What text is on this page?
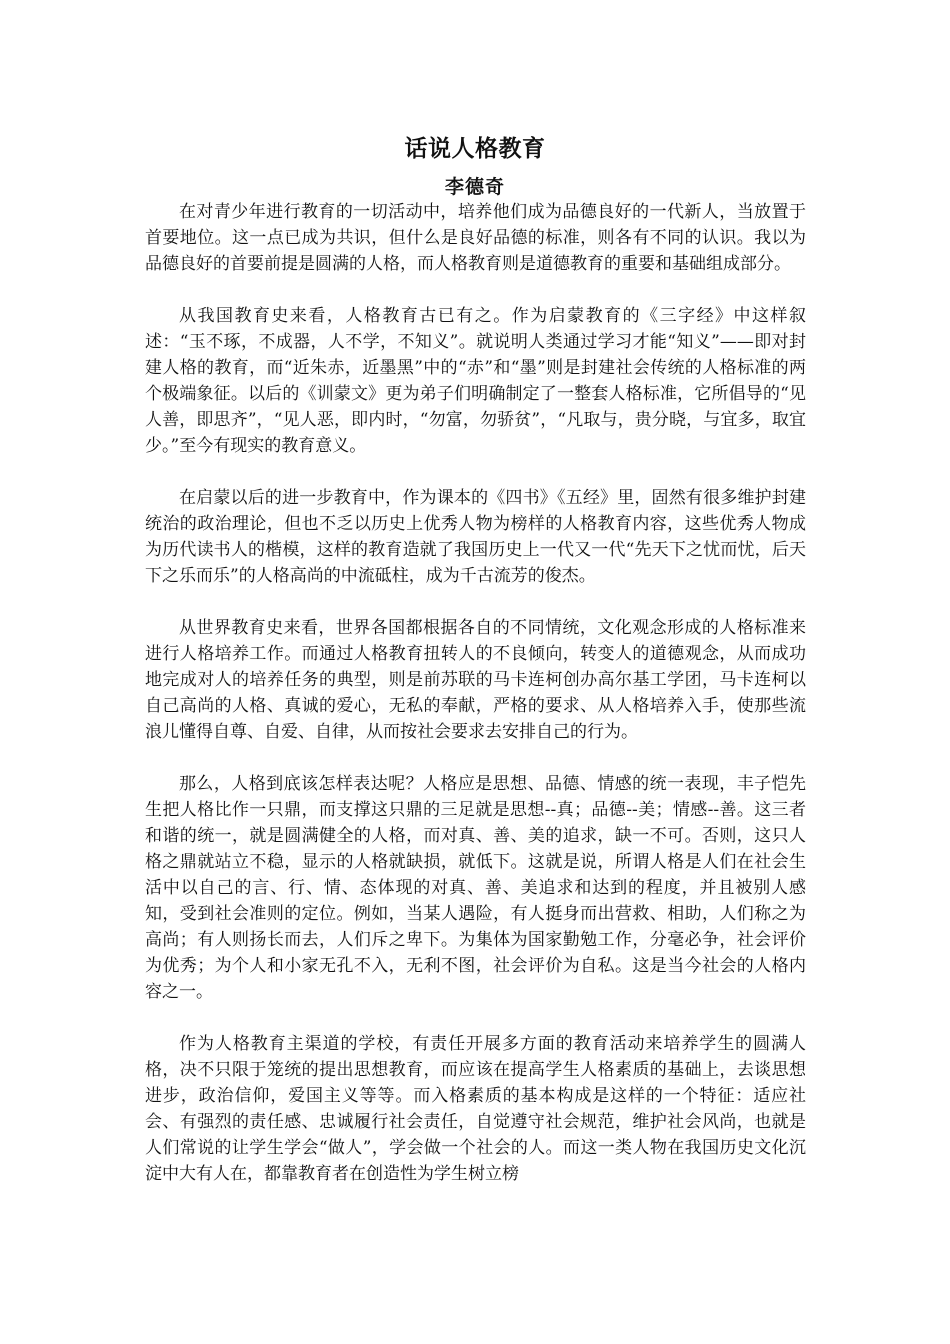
话说人格教育
李德奇

在对青少年进行教育的一切活动中，培养他们成为品德良好的一代新人，当放置于首要地位。这一点已成为共识，但什么是良好品德的标准，则各有不同的认识。我以为品德良好的首要前提是圆满的人格，而人格教育则是道德教育的重要和基础组成部分。

从我国教育史来看，人格教育古已有之。作为启蒙教育的《三字经》中这样叙述：“玉不琢，不成器，人不学，不知义”。就说明人类通过学习才能“知义”——即对封建人格的教育，而“近朱赤，近墨黑”中的“赤”和“墨”则是封建社会传统的人格标准的两个极端象征。以后的《训蒙文》更为弟子们明确制定了一整套人格标准，它所倡导的“见人善，即思齐”，“见人恶，即内时，“勿富，勿骄贫”，“凡取与，贵分晓，与宜多，取宜少。”至今有现实的教育意义。

在启蒙以后的进一步教育中，作为课本的《四书》《五经》里，固然有很多维护封建统治的政治理论，但也不乏以历史上优秀人物为榜样的人格教育内容，这些优秀人物成为历代读书人的楷模，这样的教育造就了我国历史上一代又一代“先天下之忧而忧，后天下之乐而乐”的人格高尚的中流砥柱，成为千古流芳的俊杰。

从世界教育史来看，世界各国都根据各自的不同情统，文化观念形成的人格标准来进行人格培养工作。而通过人格教育扭转人的不良倾向，转变人的道德观念，从而成功地完成对人的培养任务的典型，则是前苏联的马卡连柯创办高尔基工学团，马卡连柯以自己高尚的人格、真诚的爱心，无私的奉献，严格的要求、从人格培养入手，使那些流浪儿懂得自尊、自爱、自律，从而按社会要求去安排自己的行为。

那么，人格到底该怎样表达呢？人格应是思想、品德、情感的统一表现，丰子恺先生把人格比作一只鼎，而支撑这只鼎的三足就是思想--真；品德--美；情感--善。这三者和谐的统一，就是圆满健全的人格，而对真、善、美的追求，缺一不可。否则，这只人格之鼎就站立不稳，显示的人格就缺损，就低下。这就是说，所谓人格是人们在社会生活中以自己的言、行、情、态体现的对真、善、美追求和达到的程度，并且被别人感知，受到社会准则的定位。例如，当某人遇险，有人挺身而出营救、相助，人们称之为高尚；有人则扬长而去，人们斥之卑下。为集体为国家勤勉工作，分毫必争，社会评价为优秀；为个人和小家无孔不入，无利不图，社会评价为自私。这是当今社会的人格内容之一。

作为人格教育主渠道的学校，有责任开展多方面的教育活动来培养学生的圆满人格，决不只限于笼统的提出思想教育，而应该在提高学生人格素质的基础上，去谈思想进步，政治信仰，爱国主义等等。而入格素质的基本构成是这样的一个特征：适应社会、有强烈的责任感、忠诚履行社会责任，自觉遵守社会规范，维护社会风尚，也就是人们常说的让学生学会“做人”，学会做一个社会的人。而这一类人物在我国历史文化沉淀中大有人在，都靠教育者在创造性为学生树立榜
